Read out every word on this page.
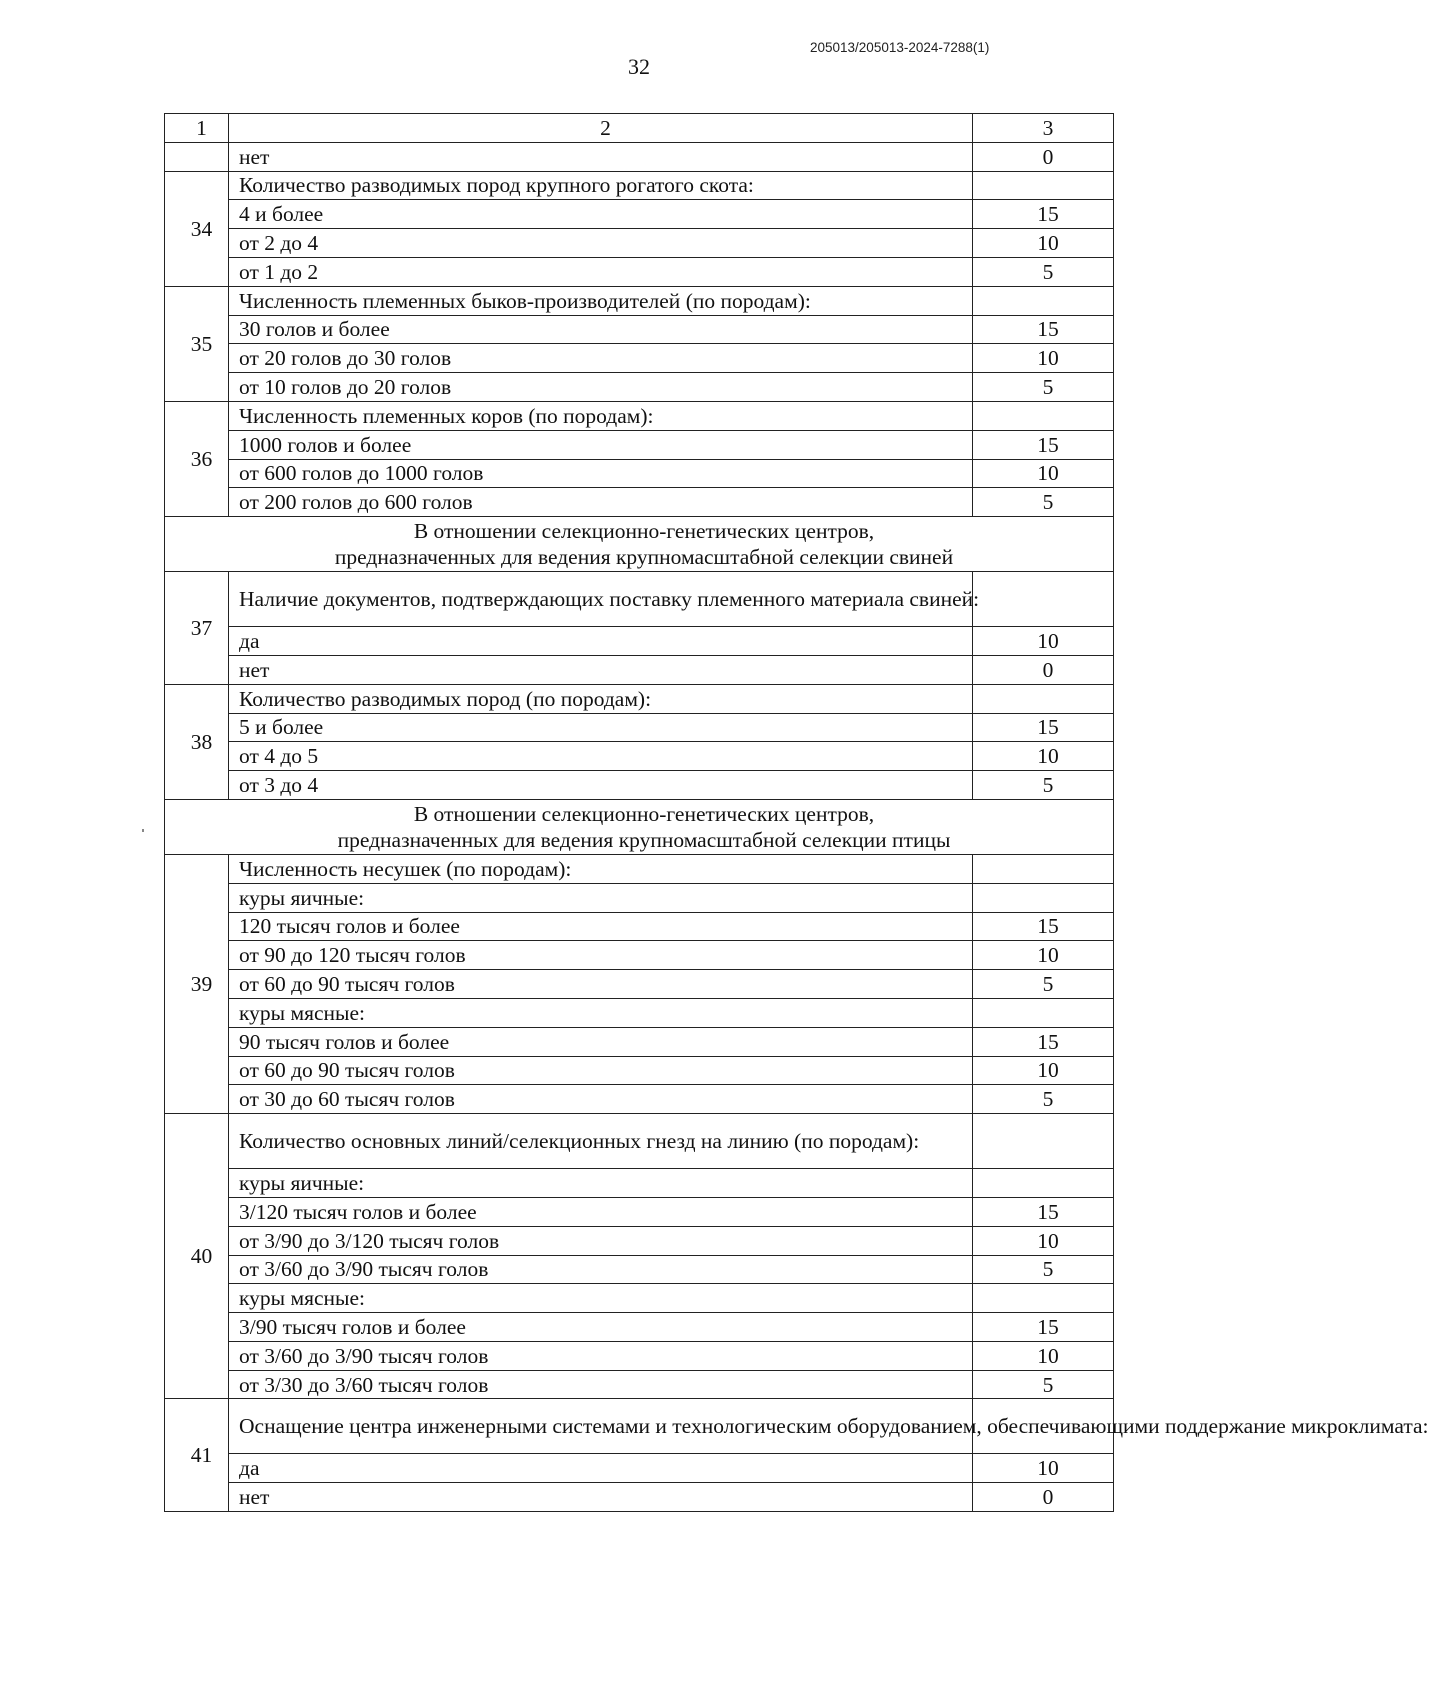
205013/205013-2024-7288(1)
32
1	2	3
	нет	0
34	Количество разводимых пород крупного рогатого скота:	
	4 и более	15
	от 2 до 4	10
	от 1 до 2	5
35	Численность племенных быков-производителей (по породам):	
	30 голов и более	15
	от 20 голов до 30 голов	10
	от 10 голов до 20 голов	5
36	Численность племенных коров (по породам):	
	1000 голов и более	15
	от 600 голов до 1000 голов	10
	от 200 голов до 600 голов	5

В отношении селекционно-генетических центров,
предназначенных для ведения крупномасштабной селекции свиней		

37	Наличие документов, подтверждающих поставку племенного материала свиней:	
	да	10
	нет	0
38	Количество разводимых пород (по породам):	
	5 и более	15
	от 4 до 5	10
	от 3 до 4	5

В отношении селекционно-генетических центров,
предназначенных для ведения крупномасштабной селекции птицы		

39	Численность несушек (по породам):	
	куры яичные:	
	120 тысяч голов и более	15
	от 90 до 120 тысяч голов	10
	от 60 до 90 тысяч голов	5
	куры мясные:	
	90 тысяч голов и более	15
	от 60 до 90 тысяч голов	10
	от 30 до 60 тысяч голов	5
40	Количество основных линий/селекционных гнезд на линию (по породам):	
	куры яичные:	
	3/120 тысяч голов и более	15
	от 3/90 до 3/120 тысяч голов	10
	от 3/60 до 3/90 тысяч голов	5
	куры мясные:	
	3/90 тысяч голов и более	15
	от 3/60 до 3/90 тысяч голов	10
	от 3/30 до 3/60 тысяч голов	5
41	Оснащение центра инженерными системами и технологическим оборудованием, обеспечивающими поддержание микроклимата:	
	да	10
	нет	0
